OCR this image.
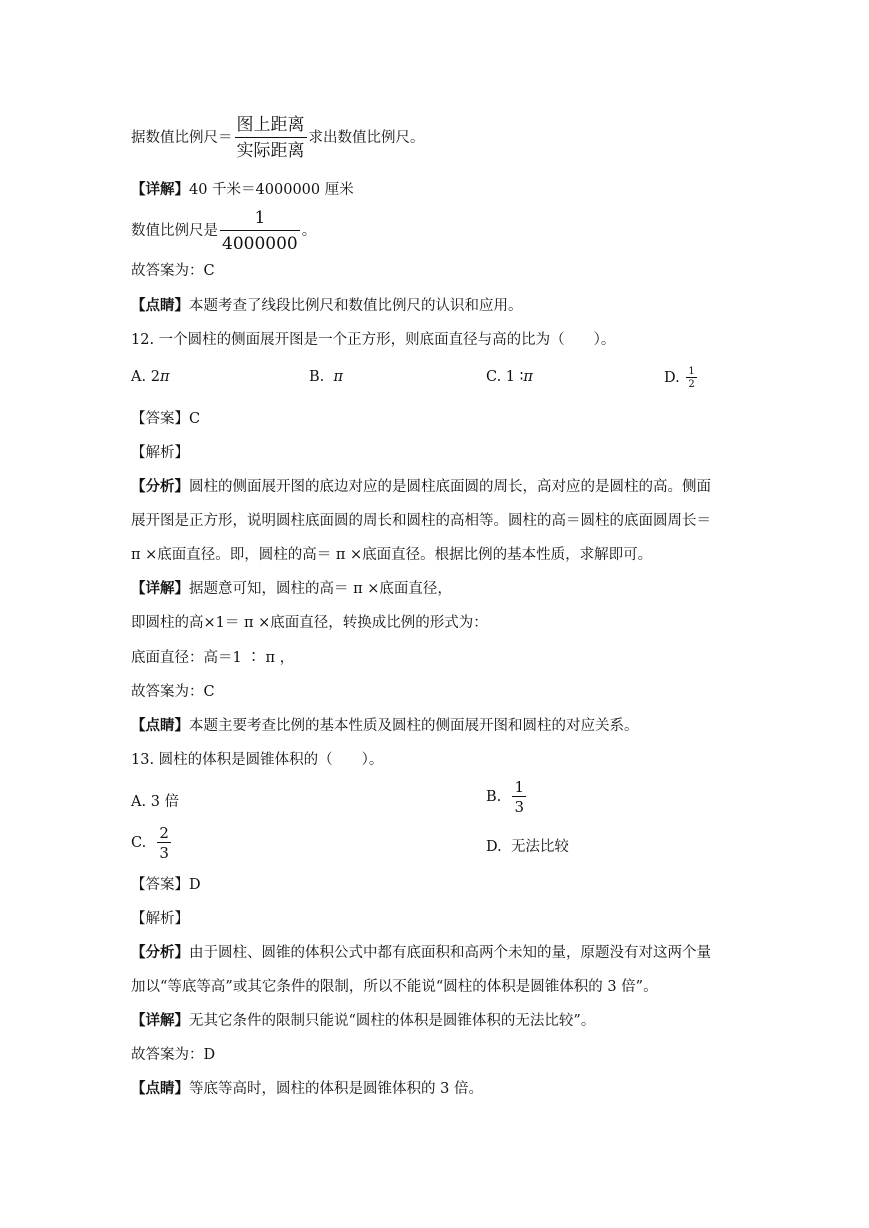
据数值比例尺＝ $\frac{\text{图上距离}}{\text{实际距离}}$ 求出数值比例尺。
【详解】40 千米＝4000000 厘米
数值比例尺是 $\frac{1}{4000000}$ 。
故答案为：C
【点睛】本题考查了线段比例尺和数值比例尺的认识和应用。
12. 一个圆柱的侧面展开图是一个正方形，则底面直径与高的比为（　　）。
A. 2π	B. π	C. 1 ∶π	D. $\frac{1}{2}$
【答案】C
【解析】
【分析】圆柱的侧面展开图的底边对应的是圆柱底面圆的周长，高对应的是圆柱的高。侧面
展开图是正方形，说明圆柱底面圆的周长和圆柱的高相等。圆柱的高＝圆柱的底面圆周长＝
π ×底面直径。即，圆柱的高＝ π ×底面直径。根据比例的基本性质，求解即可。
【详解】据题意可知，圆柱的高＝ π ×底面直径，
即圆柱的高×1＝ π ×底面直径，转换成比例的形式为：
底面直径：高＝1 ∶ π ，
故答案为：C
【点睛】本题主要考查比例的基本性质及圆柱的侧面展开图和圆柱的对应关系。
13. 圆柱的体积是圆锥体积的（　　）。
A. 3 倍	B. $\frac{1}{3}$
C. $\frac{2}{3}$	D. 无法比较
【答案】D
【解析】
【分析】由于圆柱、圆锥的体积公式中都有底面积和高两个未知的量，原题没有对这两个量
加以“等底等高”或其它条件的限制，所以不能说“圆柱的体积是圆锥体积的 3 倍”。
【详解】无其它条件的限制只能说“圆柱的体积是圆锥体积的无法比较”。
故答案为：D
【点睛】等底等高时，圆柱的体积是圆锥体积的 3 倍。
